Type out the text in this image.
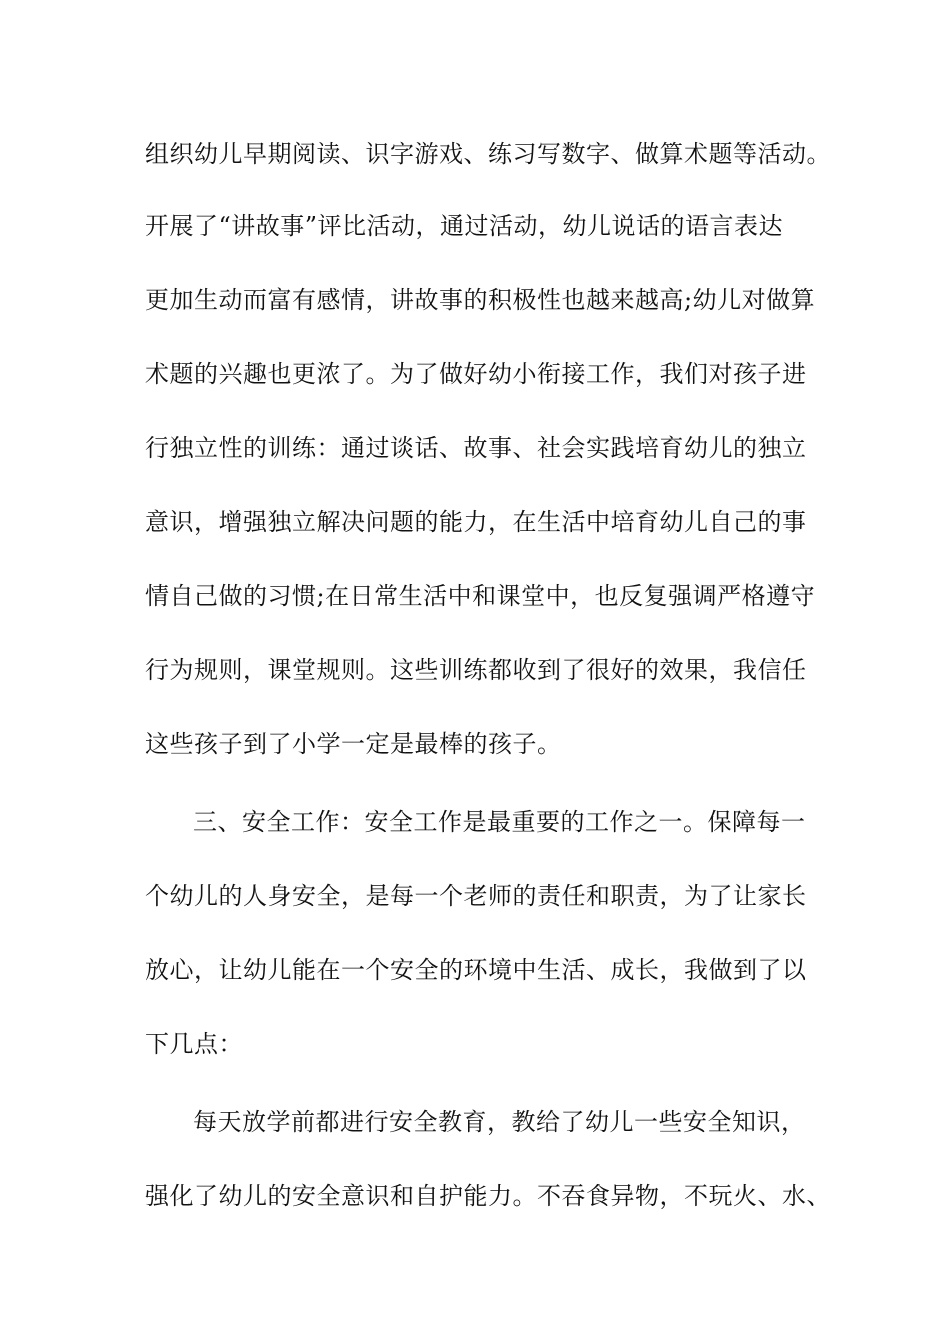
组织幼儿早期阅读、识字游戏、练习写数字、做算术题等活动。
开展了“讲故事”评比活动，通过活动，幼儿说话的语言表达
更加生动而富有感情，讲故事的积极性也越来越高;幼儿对做算
术题的兴趣也更浓了。为了做好幼小衔接工作，我们对孩子进
行独立性的训练：通过谈话、故事、社会实践培育幼儿的独立
意识，增强独立解决问题的能力，在生活中培育幼儿自己的事
情自己做的习惯;在日常生活中和课堂中，也反复强调严格遵守
行为规则，课堂规则。这些训练都收到了很好的效果，我信任
这些孩子到了小学一定是最棒的孩子。
三、安全工作：安全工作是最重要的工作之一。保障每一
个幼儿的人身安全，是每一个老师的责任和职责，为了让家长
放心，让幼儿能在一个安全的环境中生活、成长，我做到了以
下几点：
每天放学前都进行安全教育，教给了幼儿一些安全知识，
强化了幼儿的安全意识和自护能力。不吞食异物，不玩火、水、
